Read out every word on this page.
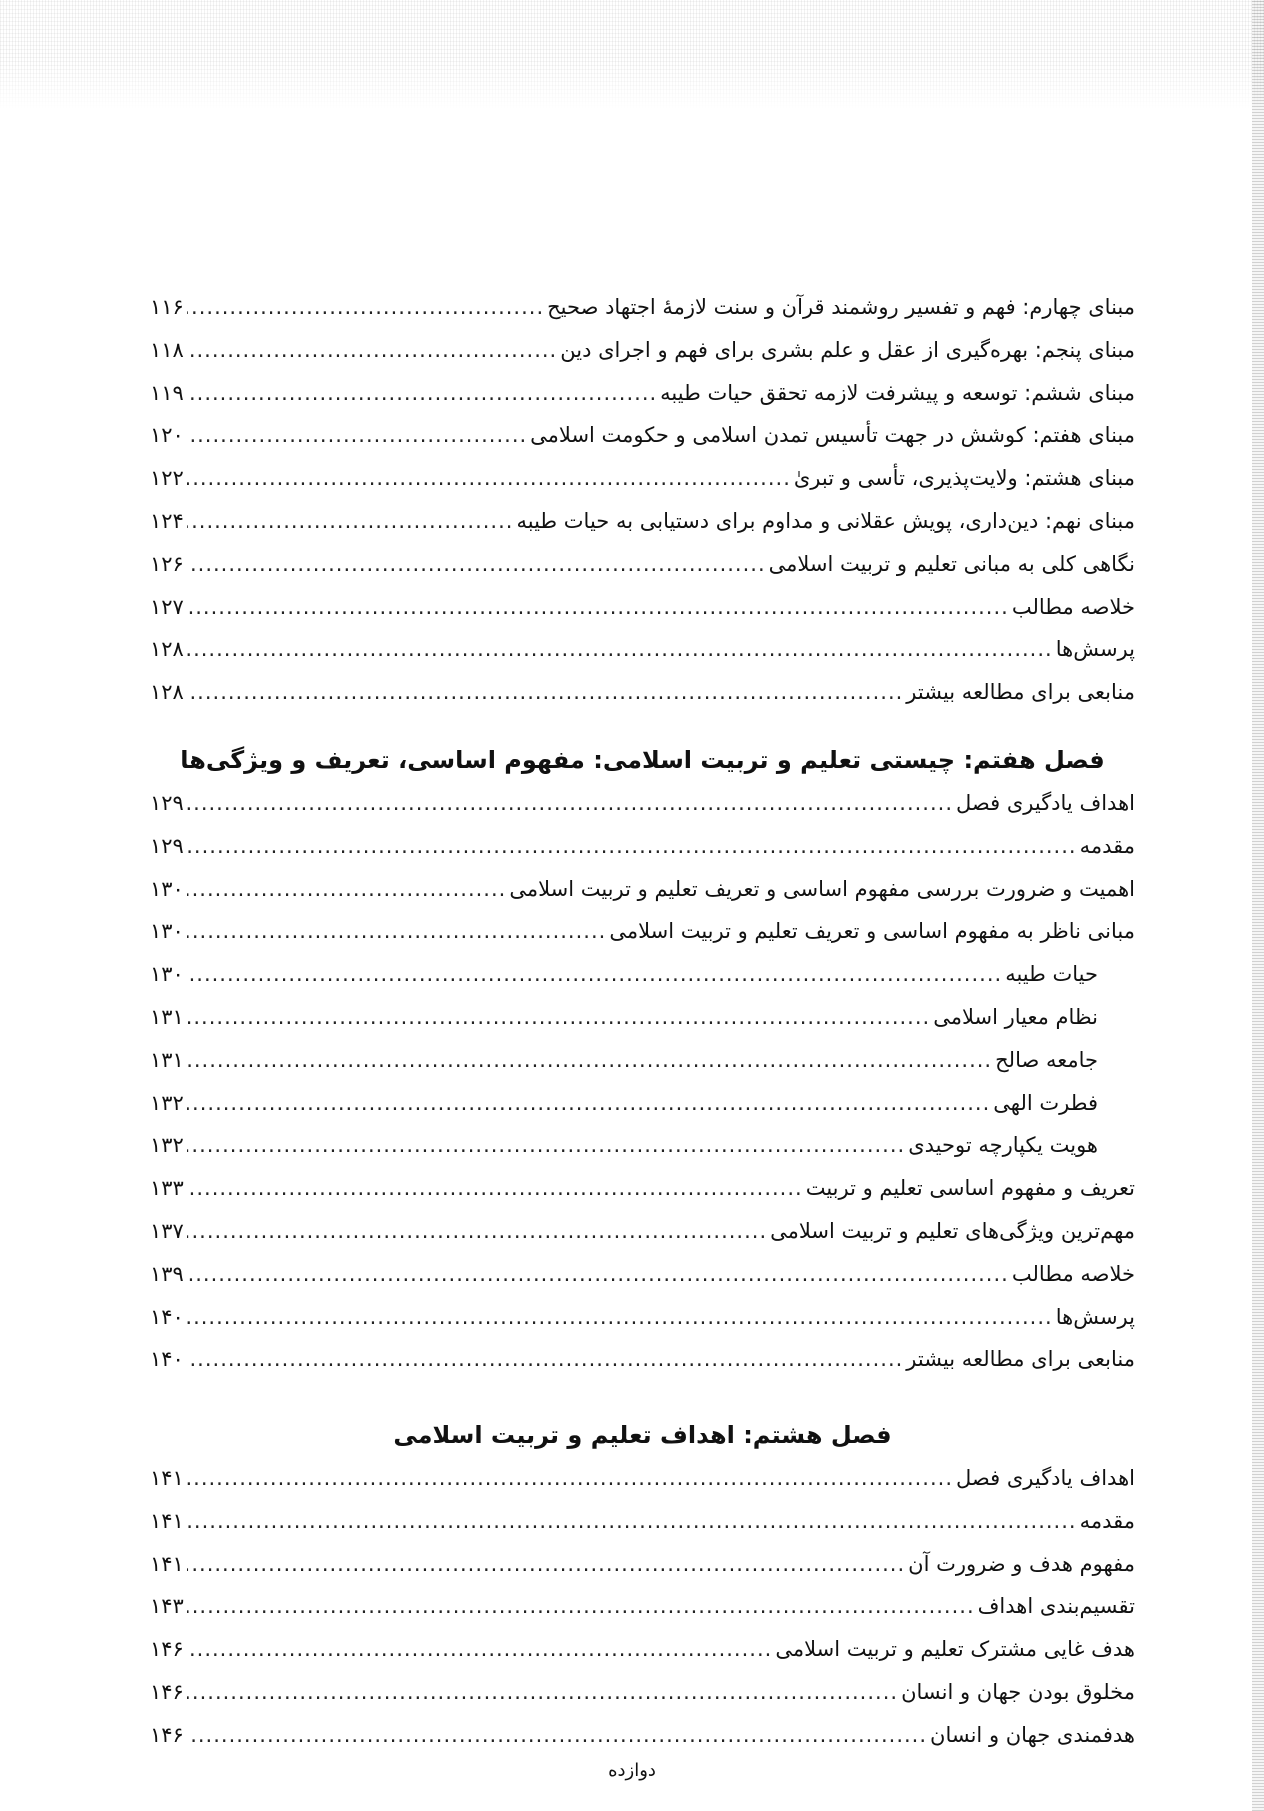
مبنای چهارم: فهم و تفسیر روشمند قرآن و سنت لازمهٔ اجتهاد صحیح
.....
۱۱۶
مبنای پنجم: بهره‌گیری از عقل و علم بشری برای فهم و اجرای دین
.....
۱۱۸
مبنای ششم: توسعه و پیشرفت لازمه تحقق حیات طیبه
.....
۱۱۹
مبنای هفتم: کوشش در جهت تأسیس تمدن اسلامی و حکومت اسلامی
.....
۱۲۰
مبنای هشتم: ولایت‌پذیری، تأسی و تبریٰ
.....
۱۲۲
مبنای نهم: دین‌داری، پویش عقلانی و مداوم برای دستیابی به حیات طیبه
.....
۱۲۴
نگاهی کلی به مبانی تعلیم و تربیت اسلامی
.....
۱۲۶
خلاصه مطالب
.....
۱۲۷
پرسش‌ها
.....
۱۲۸
منابعی برای مطالعه بیشتر
.....
۱۲۸
فصل هفتم: چیستی تعلیم و تربیت اسلامی: مفهوم اساسی، تعریف و ویژگی‌ها
اهداف یادگیری فصل
.....
۱۲۹
مقدمه
.....
۱۲۹
اهمیت و ضرورت بررسی مفهوم اساسی و تعریف تعلیم و تربیت اسلامی
.....
۱۳۰
مبانی ناظر به مفهوم اساسی و تعریف تعلیم و تربیت اسلامی
.....
۱۳۰
حیات طیبه
.....
۱۳۰
نظام معیار اسلامی
.....
۱۳۱
جامعه صالح
.....
۱۳۱
فطرت الهی
.....
۱۳۲
هویت یکپارچه توحیدی
.....
۱۳۲
تعریف و مفهوم اساسی تعلیم و تربیت
.....
۱۳۳
مهم‌ترین ویژگی‌های تعلیم و تربیت اسلامی
.....
۱۳۷
خلاصه مطالب
.....
۱۳۹
پرسش‌ها
.....
۱۴۰
منابعی برای مطالعه بیشتر
.....
۱۴۰
فصل هشتم: اهداف تعلیم و تربیت اسلامی
اهداف یادگیری فصل
.....
۱۴۱
مقدمه
.....
۱۴۱
مفهوم هدف و ضرورت آن
.....
۱۴۱
تقسیم‌بندی اهداف
.....
۱۴۳
هدف غایی مشترک تعلیم و تربیت اسلامی
.....
۱۴۶
مخلوق بودن جهان و انسان
.....
۱۴۶
هدفمندی جهان و انسان
.....
۱۴۶
دوازده
